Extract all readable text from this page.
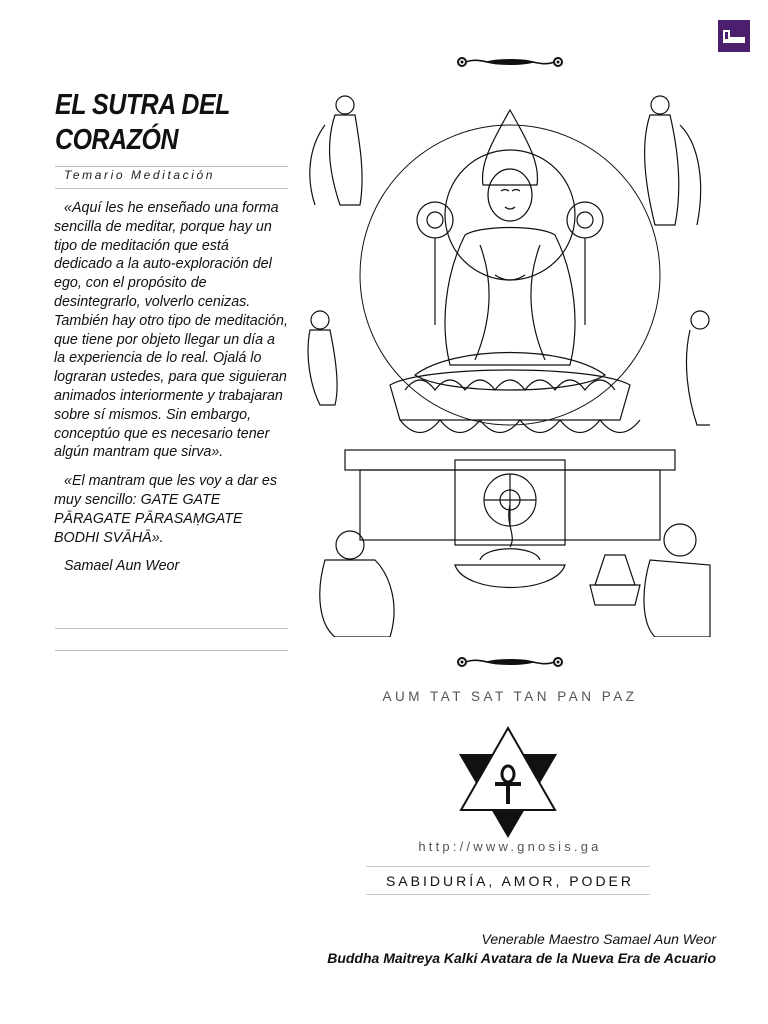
EL SUTRA DEL CORAZÓN
Temario Meditación

«Aquí les he enseñado una forma sencilla de meditar, porque hay un tipo de meditación que está dedicado a la auto-exploración del ego, con el propósito de desintegrarlo, volverlo cenizas. También hay otro tipo de meditación, que tiene por objeto llegar un día a la experiencia de lo real. Ojalá lo lograran ustedes, para que siguieran animados interiormente y trabajaran sobre sí mismos. Sin embargo, conceptúo que es necesario tener algún mantram que sirva».

«El mantram que les voy a dar es muy sencillo: GATE GATE PĀRAGATE PĀRASAṂGATE BODHI SVĀHĀ».

Samael Aun Weor

AUM TAT SAT TAN PAN PAZ
http://www.gnosis.ga
SABIDURÍA, AMOR, PODER
Venerable Maestro Samael Aun Weor
Buddha Maitreya Kalki Avatara de la Nueva Era de Acuario
